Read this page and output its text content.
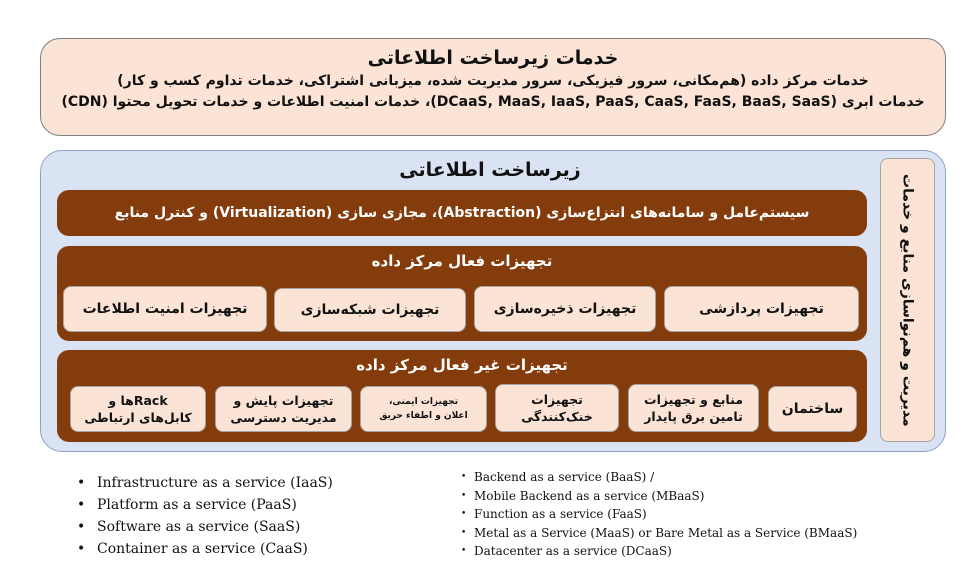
خدمات زیرساخت اطلاعاتی
خدمات مرکز داده (هم‌مکانی، سرور فیزیکی، سرور مدیریت شده، میزبانی اشتراکی، خدمات تداوم کسب و کار)
خدمات ابری (DCaaS, MaaS, IaaS, PaaS, CaaS, FaaS, BaaS, SaaS)، خدمات امنیت اطلاعات و خدمات تحویل محتوا (CDN)
زیرساخت اطلاعاتی
سیستم‌عامل و سامانه‌های انتزاع‌سازی (Abstraction)، مجازی سازی (Virtualization) و کنترل منابع
تجهیزات فعال مرکز داده
تجهیزات پردازشی
تجهیزات ذخیره‌سازی
تجهیزات شبکه‌سازی
تجهیزات امنیت اطلاعات
تجهیزات غیر فعال مرکز داده
ساختمان
منابع و تجهیزات
تامین برق پایدار
تجهیزات
خنک‌کنندگی
تجهیزات ایمنی،
اعلان و اطفاء حریق
تجهیزات پایش و
مدیریت دسترسی
Rackها و
کابل‌های ارتباطی	مدیریت و هم‌نواسازی منابع و خدمات
• Infrastructure as a service (IaaS)
• Platform as a service (PaaS)
• Software as a service (SaaS)
• Container as a service (CaaS)
• Backend as a service (BaaS) /
• Mobile Backend as a service (MBaaS)
• Function as a service (FaaS)
• Metal as a Service (MaaS) or Bare Metal as a Service (BMaaS)
• Datacenter as a service (DCaaS)
